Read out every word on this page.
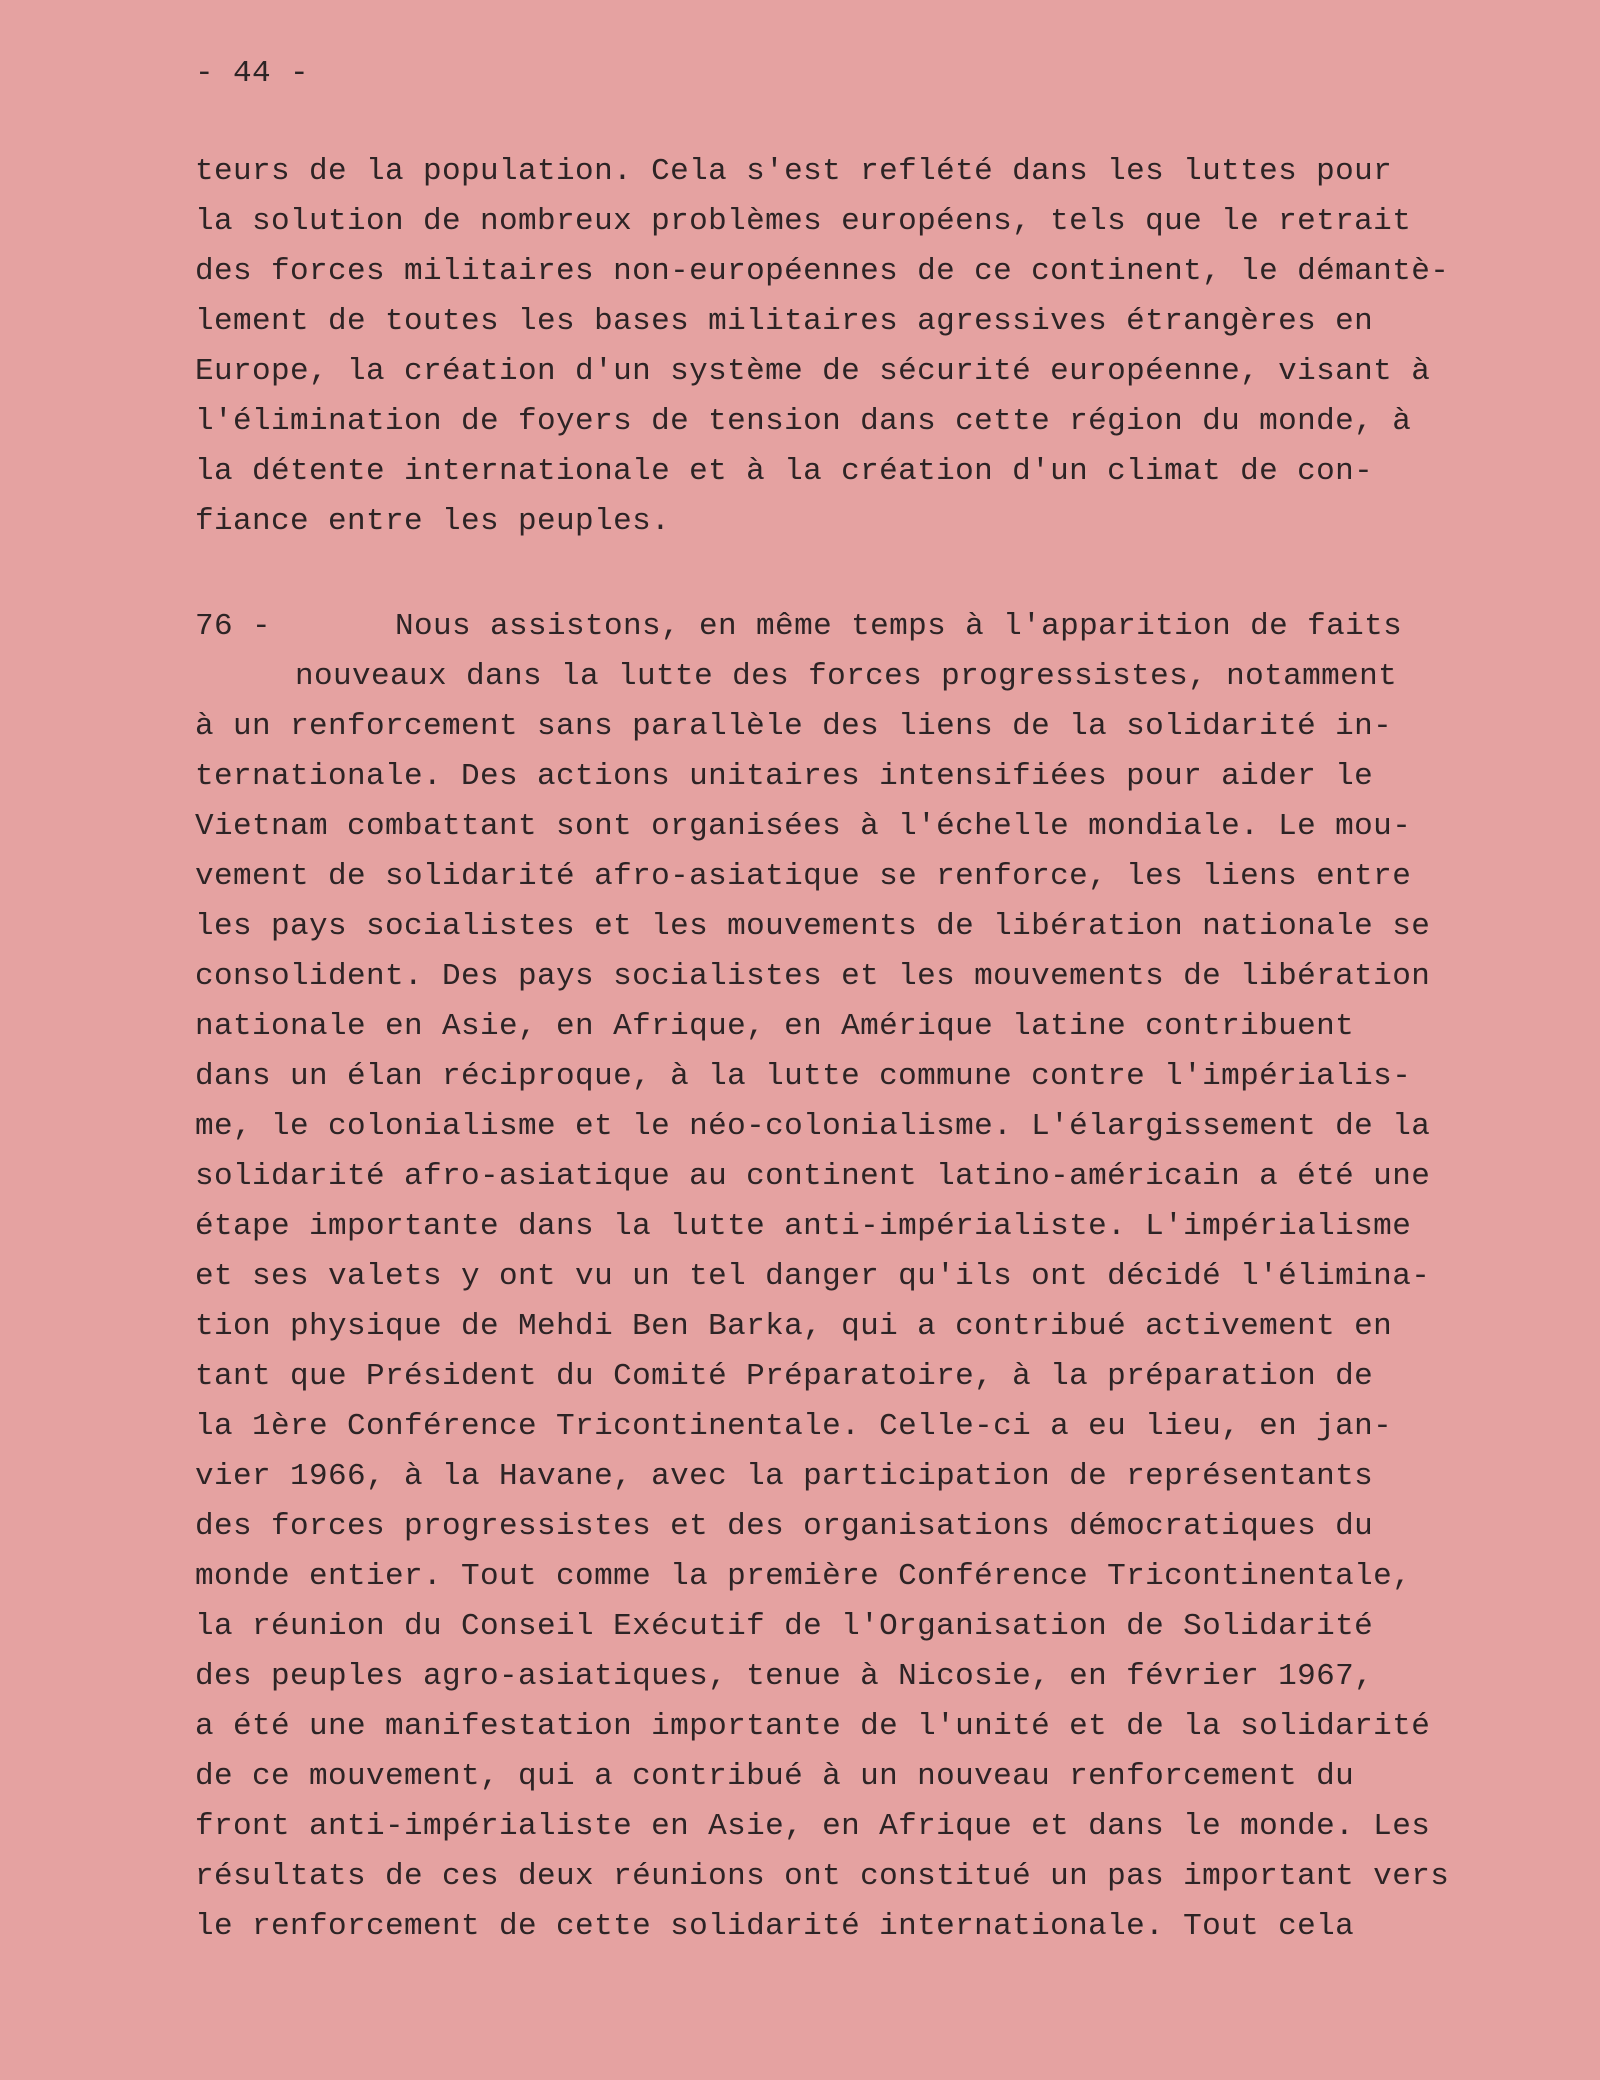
- 44 -
teurs de la population. Cela s'est reflété dans les luttes pour
la solution de nombreux problèmes européens, tels que le retrait
des forces militaires non-européennes de ce continent, le démantè-
lement de toutes les bases militaires agressives étrangères en
Europe, la création d'un système de sécurité européenne, visant à
l'élimination de foyers de tension dans cette région du monde, à
la détente internationale et à la création d'un climat de con-
fiance entre les peuples.
76 -	Nous assistons, en même temps à l'apparition de faits
nouveaux dans la lutte des forces progressistes, notamment
à un renforcement sans parallèle des liens de la solidarité in-
ternationale. Des actions unitaires intensifiées pour aider le
Vietnam combattant sont organisées à l'échelle mondiale. Le mou-
vement de solidarité afro-asiatique se renforce, les liens entre
les pays socialistes et les mouvements de libération nationale se
consolident. Des pays socialistes et les mouvements de libération
nationale en Asie, en Afrique, en Amérique latine contribuent
dans un élan réciproque, à la lutte commune contre l'impérialis-
me, le colonialisme et le néo-colonialisme. L'élargissement de la
solidarité afro-asiatique au continent latino-américain a été une
étape importante dans la lutte anti-impérialiste. L'impérialisme
et ses valets y ont vu un tel danger qu'ils ont décidé l'élimina-
tion physique de Mehdi Ben Barka, qui a contribué activement en
tant que Président du Comité Préparatoire, à la préparation de
la 1ère Conférence Tricontinentale. Celle-ci a eu lieu, en jan-
vier 1966, à la Havane, avec la participation de représentants
des forces progressistes et des organisations démocratiques du
monde entier. Tout comme la première Conférence Tricontinentale,
la réunion du Conseil Exécutif de l'Organisation de Solidarité
des peuples agro-asiatiques, tenue à Nicosie, en février 1967,
a été une manifestation importante de l'unité et de la solidarité
de ce mouvement, qui a contribué à un nouveau renforcement du
front anti-impérialiste en Asie, en Afrique et dans le monde. Les
résultats de ces deux réunions ont constitué un pas important vers
le renforcement de cette solidarité internationale. Tout cela
